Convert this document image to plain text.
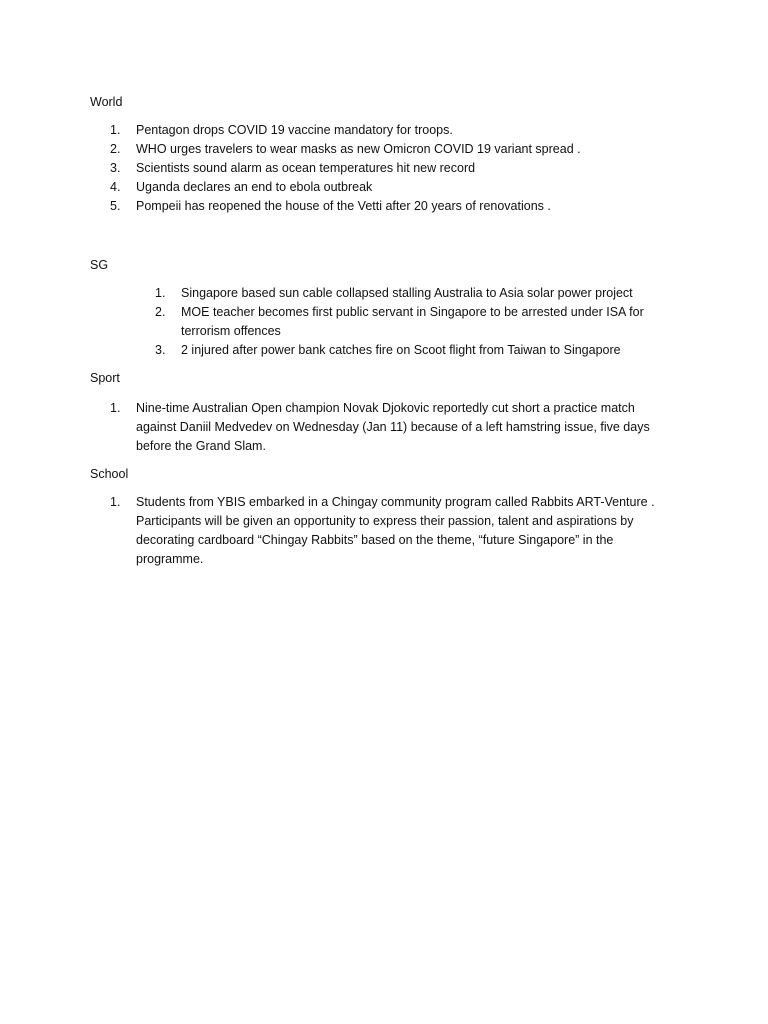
World

1.	Pentagon drops COVID 19 vaccine mandatory for troops.
2.	WHO urges travelers to wear masks as new Omicron COVID 19 variant spread .
3.	Scientists sound alarm as ocean temperatures hit new record
4.	Uganda declares an end to ebola outbreak
5.	Pompeii has reopened the house of the Vetti after 20 years of renovations .

SG

1.	Singapore based sun cable collapsed stalling Australia to Asia solar power project
2.	MOE teacher becomes first public servant in Singapore to be arrested under ISA for terrorism offences
3.	2 injured after power bank catches fire on Scoot flight from Taiwan to Singapore

Sport

1.	Nine-time Australian Open champion Novak Djokovic reportedly cut short a practice match against Daniil Medvedev on Wednesday (Jan 11) because of a left hamstring issue, five days before the Grand Slam.

School

1.	Students from YBIS embarked in a Chingay community program called Rabbits ART-Venture . Participants will be given an opportunity to express their passion, talent and aspirations by decorating cardboard “Chingay Rabbits” based on the theme, “future Singapore” in the programme.
